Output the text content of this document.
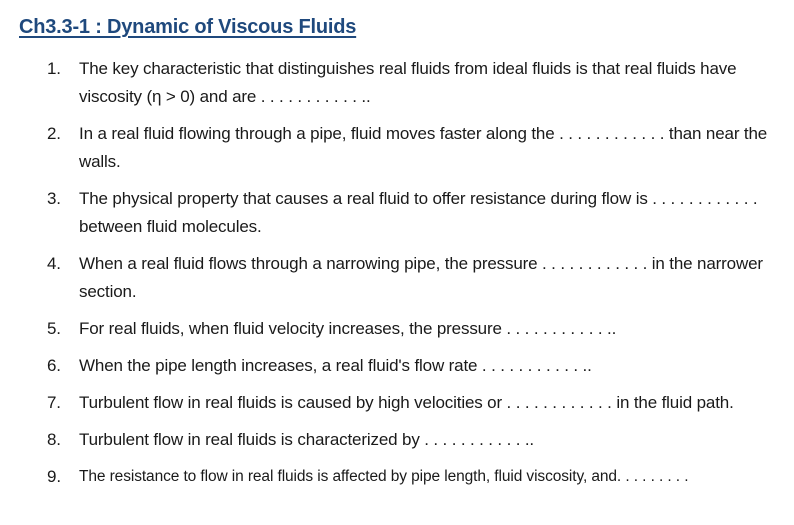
Ch3.3-1 : Dynamic of Viscous Fluids
1. The key characteristic that distinguishes real fluids from ideal fluids is that real fluids have viscosity (η > 0) and are . . . . . . . . . . . ..
2. In a real fluid flowing through a pipe, fluid moves faster along the . . . . . . . . . . . . than near the walls.
3. The physical property that causes a real fluid to offer resistance during flow is . . . . . . . . . . . . between fluid molecules.
4. When a real fluid flows through a narrowing pipe, the pressure . . . . . . . . . . . . in the narrower section.
5. For real fluids, when fluid velocity increases, the pressure . . . . . . . . . . . ..
6. When the pipe length increases, a real fluid's flow rate . . . . . . . . . . . ..
7. Turbulent flow in real fluids is caused by high velocities or . . . . . . . . . . . . in the fluid path.
8. Turbulent flow in real fluids is characterized by . . . . . . . . . . . ..
9. The resistance to flow in real fluids is affected by pipe length, fluid viscosity, and. . . . . . . . .
